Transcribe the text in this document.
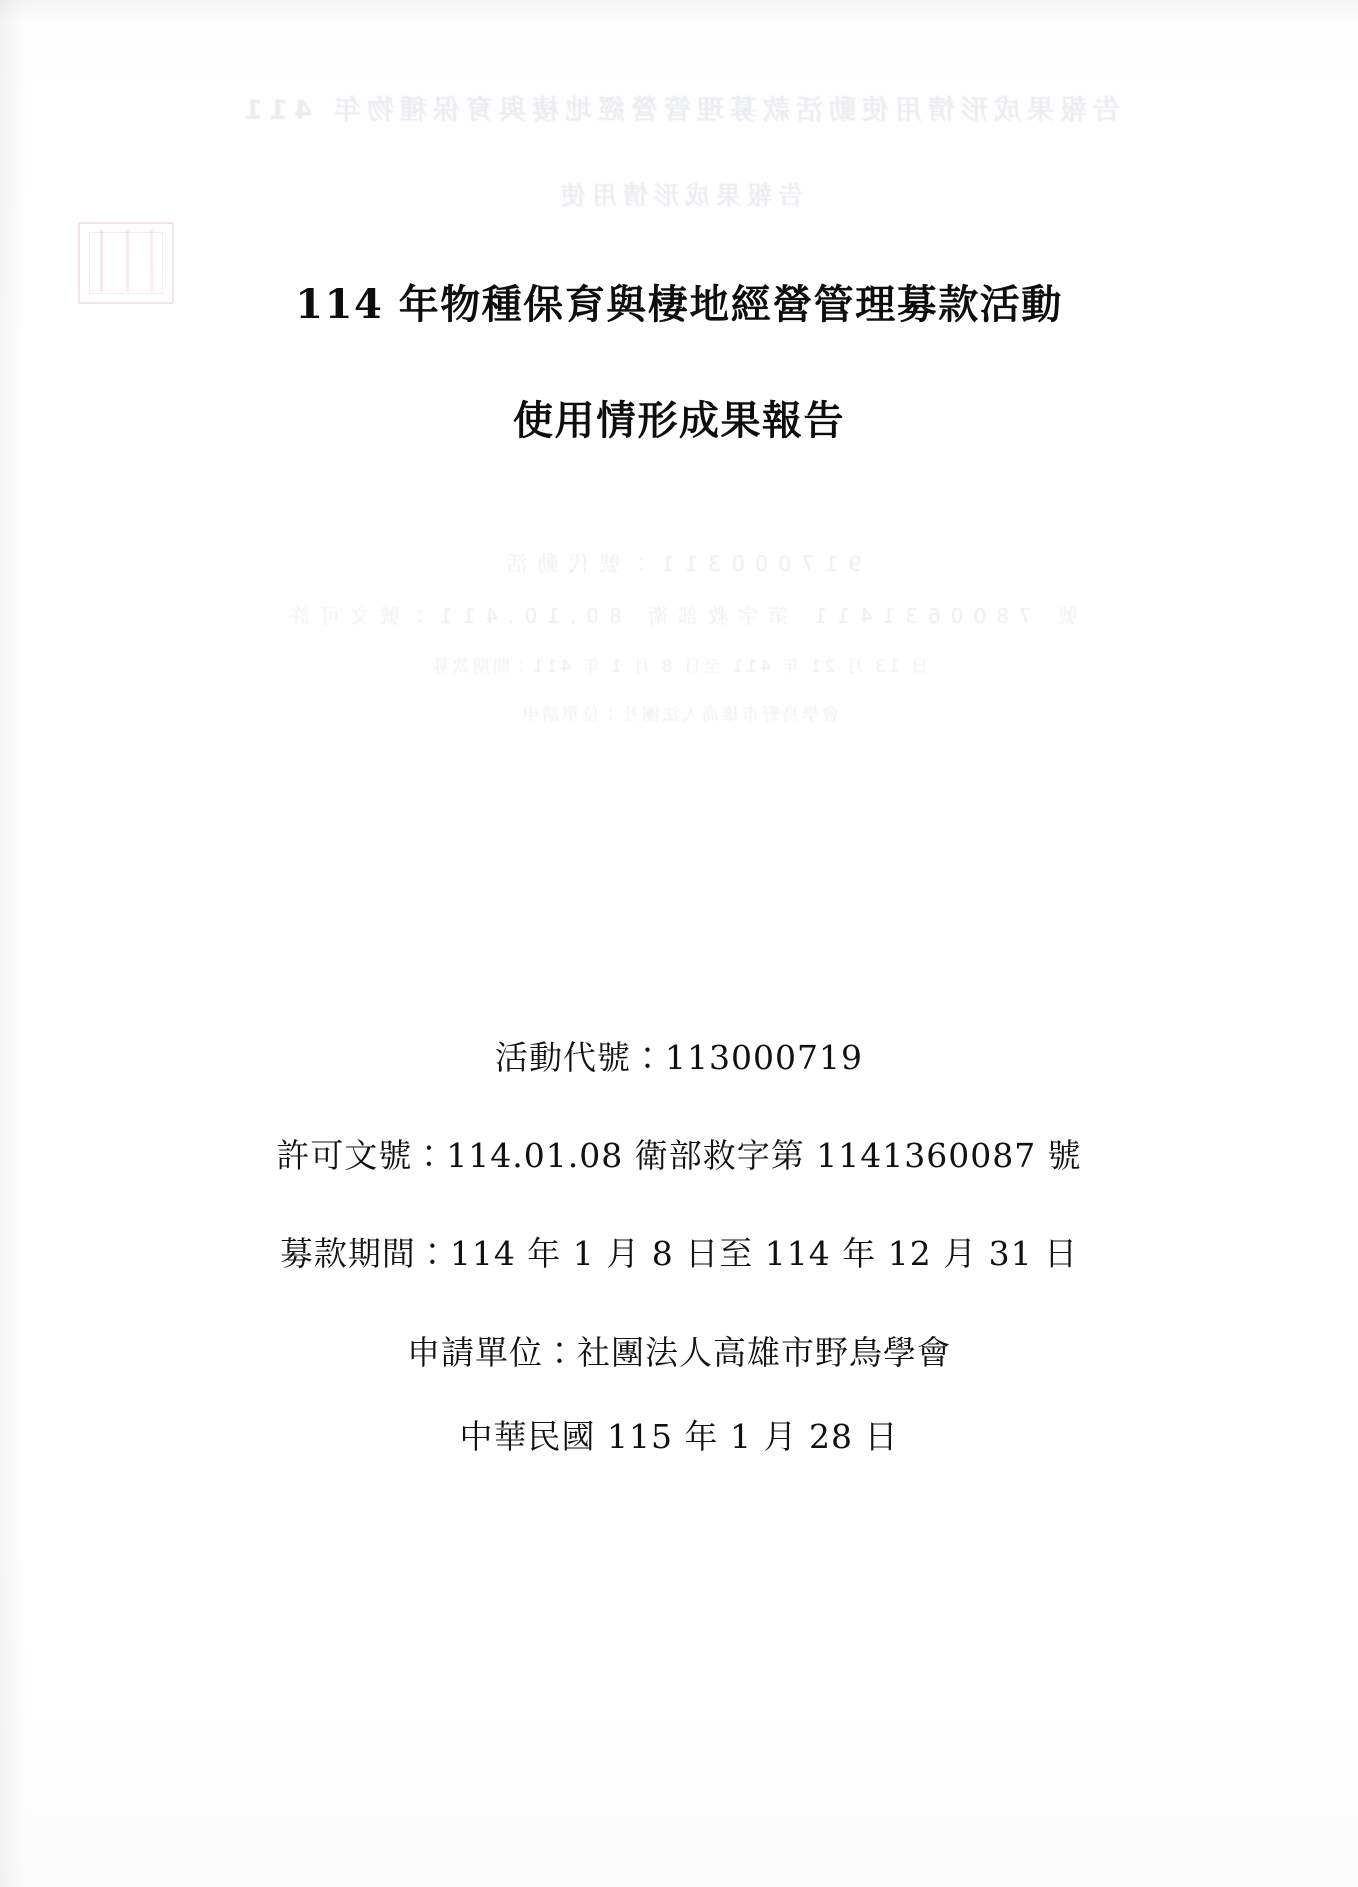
告報果成形情用使動活款募理管營經地棲與育保種物年 411
告報果成形情用使
917000311：號代動活
號 7800631411 第字救部衛 80.10.411：號文可許
日 13 月 21 年 411 至日 8 月 1 年 411：間期款募
會學鳥野市雄高人法團社：位單請申
114 年物種保育與棲地經營管理募款活動
使用情形成果報告
活動代號：113000719
許可文號：114.01.08 衛部救字第 1141360087 號
募款期間：114 年 1 月 8 日至 114 年 12 月 31 日
申請單位：社團法人高雄市野鳥學會
中華民國 115 年 1 月 28 日
